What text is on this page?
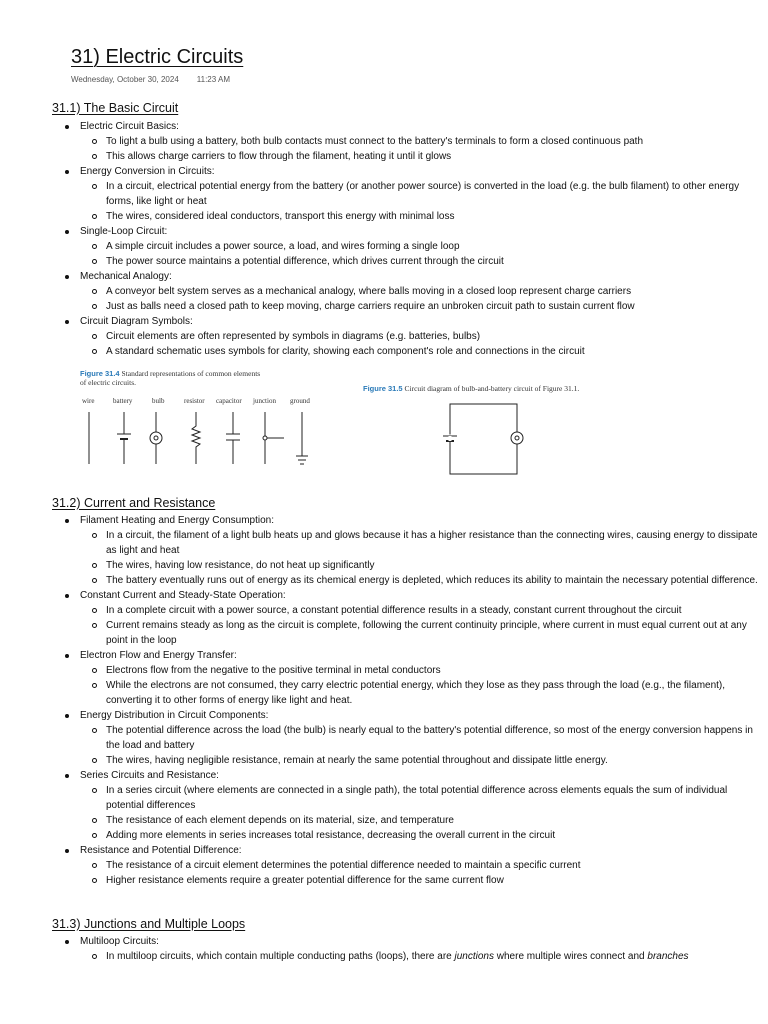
31) Electric Circuits
Wednesday, October 30, 2024 11:23 AM
31.1) The Basic Circuit
Electric Circuit Basics:
To light a bulb using a battery, both bulb contacts must connect to the battery's terminals to form a closed continuous path
This allows charge carriers to flow through the filament, heating it until it glows
Energy Conversion in Circuits:
In a circuit, electrical potential energy from the battery (or another power source) is converted in the load (e.g. the bulb filament) to other energy forms, like light or heat
The wires, considered ideal conductors, transport this energy with minimal loss
Single-Loop Circuit:
A simple circuit includes a power source, a load, and wires forming a single loop
The power source maintains a potential difference, which drives current through the circuit
Mechanical Analogy:
A conveyor belt system serves as a mechanical analogy, where balls moving in a closed loop represent charge carriers
Just as balls need a closed path to keep moving, charge carriers require an unbroken circuit path to sustain current flow
Circuit Diagram Symbols:
Circuit elements are often represented by symbols in diagrams (e.g. batteries, bulbs)
A standard schematic uses symbols for clarity, showing each component's role and connections in the circuit
Figure 31.4 Standard representations of common elements
of electric circuits.
wire	battery	bulb	resistor capacitor junction ground
Figure 31.5 Circuit diagram of bulb-and-battery circuit of Figure 31.1.
31.2) Current and Resistance
Filament Heating and Energy Consumption:
In a circuit, the filament of a light bulb heats up and glows because it has a higher resistance than the connecting wires, causing energy to dissipate as light and heat
The wires, having low resistance, do not heat up significantly
The battery eventually runs out of energy as its chemical energy is depleted, which reduces its ability to maintain the necessary potential difference.
Constant Current and Steady-State Operation:
In a complete circuit with a power source, a constant potential difference results in a steady, constant current throughout the circuit
Current remains steady as long as the circuit is complete, following the current continuity principle, where current in must equal current out at any point in the loop
Electron Flow and Energy Transfer:
Electrons flow from the negative to the positive terminal in metal conductors
While the electrons are not consumed, they carry electric potential energy, which they lose as they pass through the load (e.g., the filament), converting it to other forms of energy like light and heat.
Energy Distribution in Circuit Components:
The potential difference across the load (the bulb) is nearly equal to the battery's potential difference, so most of the energy conversion happens in the load and battery
The wires, having negligible resistance, remain at nearly the same potential throughout and dissipate little energy.
Series Circuits and Resistance:
In a series circuit (where elements are connected in a single path), the total potential difference across elements equals the sum of individual potential differences
The resistance of each element depends on its material, size, and temperature
Adding more elements in series increases total resistance, decreasing the overall current in the circuit
Resistance and Potential Difference:
The resistance of a circuit element determines the potential difference needed to maintain a specific current
Higher resistance elements require a greater potential difference for the same current flow
31.3) Junctions and Multiple Loops
Multiloop Circuits:
In multiloop circuits, which contain multiple conducting paths (loops), there are junctions where multiple wires connect and branches
